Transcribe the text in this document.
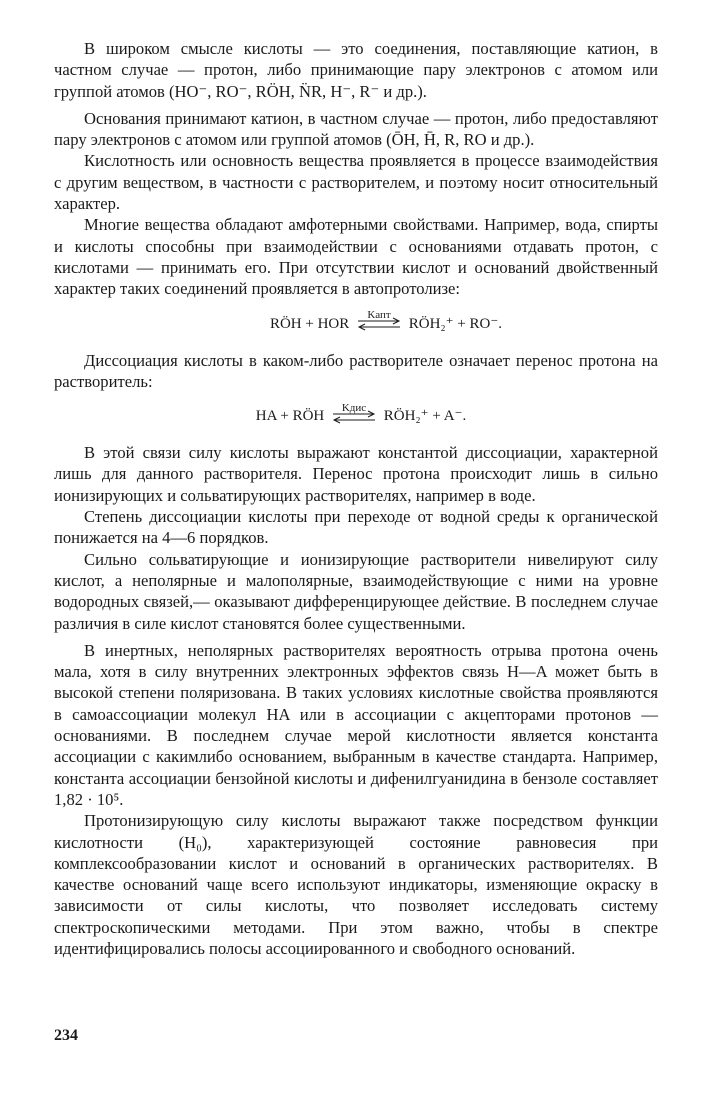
В широком смысле кислоты — это соединения, поставляющие катион, в частном случае — протон, либо принимающие пару электронов с атомом или группой атомов (HO⁻, RO⁻, RÖH, N̈R, H⁻, R⁻ и др.).

Основания принимают катион, в частном случае — протон, либо предоставляют пару электронов с атомом или группой атомов (ŌH, H̄, R, RO и др.).

Кислотность или основность вещества проявляется в процессе взаимодействия с другим веществом, в частности с растворителем, и поэтому носит относительный характер.

Многие вещества обладают амфотерными свойствами. Например, вода, спирты и кислоты способны при взаимодействии с основаниями отдавать протон, с кислотами — принимать его. При отсутствии кислот и оснований двойственный характер таких соединений проявляется в автопротолизе:

RÖH + HOR
Kапт
RÖH₂⁺ + RO⁻.

Диссоциация кислоты в каком-либо растворителе означает перенос протона на растворитель:

HA + RÖH
Kдис
RÖH₂⁺ + A⁻.

В этой связи силу кислоты выражают константой диссоциации, характерной лишь для данного растворителя. Перенос протона происходит лишь в сильно ионизирующих и сольватирующих растворителях, например в воде.

Степень диссоциации кислоты при переходе от водной среды к органической понижается на 4—6 порядков.

Сильно сольватирующие и ионизирующие растворители нивелируют силу кислот, а неполярные и малополярные, взаимодействующие с ними на уровне водородных связей,— оказывают дифференцирующее действие. В последнем случае различия в силе кислот становятся более существенными.

В инертных, неполярных растворителях вероятность отрыва протона очень мала, хотя в силу внутренних электронных эффектов связь H—A может быть в высокой степени поляризована. В таких условиях кислотные свойства проявляются в самоассоциации молекул HA или в ассоциации с акцепторами протонов — основаниями. В последнем случае мерой кислотности является константа ассоциации с какимлибо основанием, выбранным в качестве стандарта. Например, константа ассоциации бензойной кислоты и дифенилгуанидина в бензоле составляет 1,82 · 10⁵.

Протонизирующую силу кислоты выражают также посредством функции кислотности (H₀), характеризующей состояние равновесия при комплексообразовании кислот и оснований в органических растворителях. В качестве оснований чаще всего используют индикаторы, изменяющие окраску в зависимости от силы кислоты, что позволяет исследовать систему спектроскопическими методами. При этом важно, чтобы в спектре идентифицировались полосы ассоциированного и свободного оснований.

234
